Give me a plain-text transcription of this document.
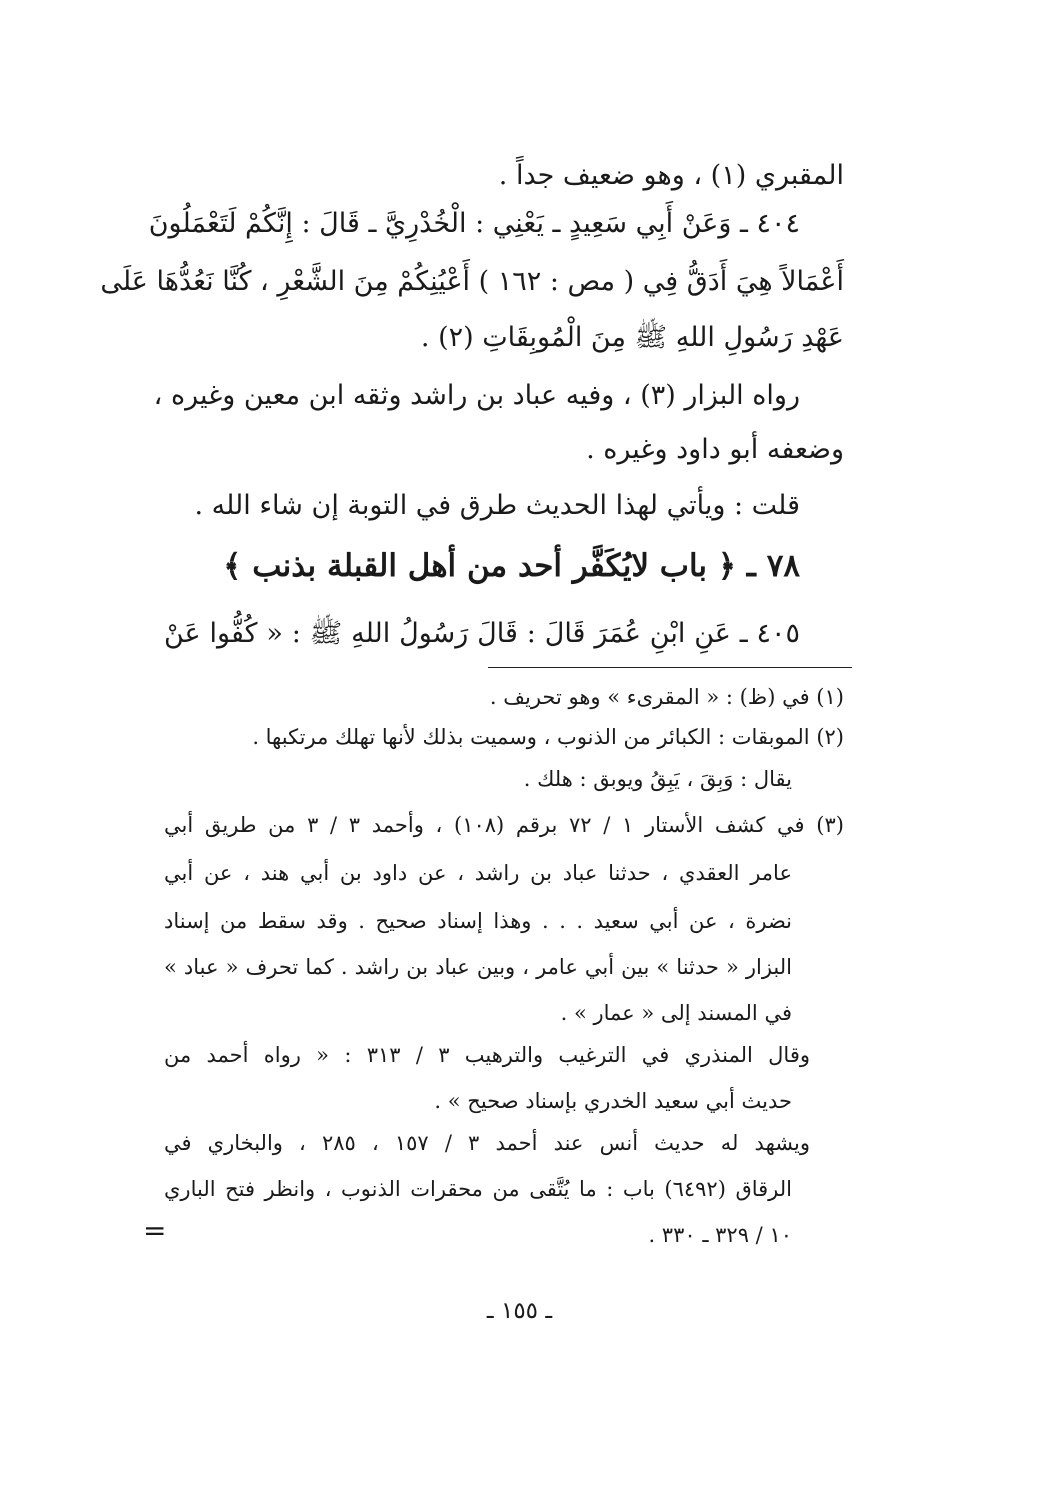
المقبري (١) ، وهو ضعيف جداً .
٤٠٤ ـ وَعَنْ أَبِي سَعِيدٍ ـ يَعْنِي : الْخُدْرِيَّ ـ قَالَ : إِنَّكُمْ لَتَعْمَلُونَ
أَعْمَالاً هِيَ أَدَقُّ فِي ( مص : ١٦٢ ) أَعْيُنِكُمْ مِنَ الشَّعْرِ ، كُنَّا نَعُدُّهَا عَلَى
عَهْدِ رَسُولِ اللهِ ﷺ مِنَ الْمُوبِقَاتِ (٢) .
رواه البزار (٣) ، وفيه عباد بن راشد وثقه ابن معين وغيره ،
وضعفه أبو داود وغيره .
قلت : ويأتي لهذا الحديث طرق في التوبة إن شاء الله .
٧٨ ـ ﴿ باب لايُكَفَّر أحد من أهل القبلة بذنب ﴾
٤٠٥ ـ عَنِ ابْنِ عُمَرَ قَالَ : قَالَ رَسُولُ اللهِ ﷺ : « كُفُّوا عَنْ
(١) في (ظ) : « المقرىء » وهو تحريف .
(٢) الموبقات : الكبائر من الذنوب ، وسميت بذلك لأنها تهلك مرتكبها .
يقال : وَبِقَ ، يَبِقُ ويوبق : هلك .
(٣) في كشف الأستار ١ / ٧٢ برقم (١٠٨) ، وأحمد ٣ / ٣ من طريق أبي
عامر العقدي ، حدثنا عباد بن راشد ، عن داود بن أبي هند ، عن أبي
نضرة ، عن أبي سعيد . . . وهذا إسناد صحيح . وقد سقط من إسناد
البزار « حدثنا » بين أبي عامر ، وبين عباد بن راشد . كما تحرف « عباد »
في المسند إلى « عمار » .
وقال المنذري في الترغيب والترهيب ٣ / ٣١٣ : « رواه أحمد من
حديث أبي سعيد الخدري بإسناد صحيح » .
ويشهد له حديث أنس عند أحمد ٣ / ١٥٧ ، ٢٨٥ ، والبخاري في
الرقاق (٦٤٩٢) باب : ما يُتَّقى من محقرات الذنوب ، وانظر فتح الباري
١٠ / ٣٢٩ ـ ٣٣٠ .
=
ـ ١٥٥ ـ
